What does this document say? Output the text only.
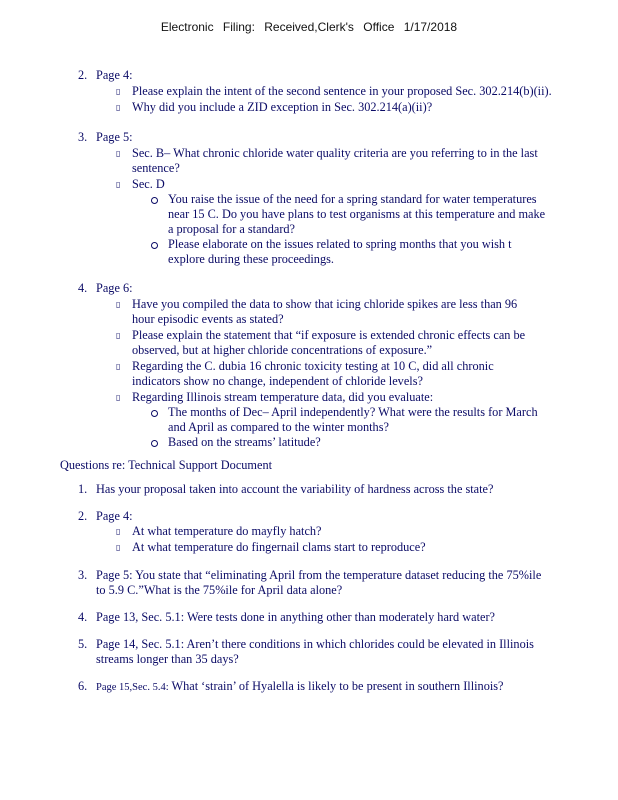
Electronic Filing: Received,Clerk's Office 1/17/2018
2. Page 4:
▯ Please explain the intent of the second sentence in your proposed Sec. 302.214(b)(ii).
▯ Why did you include a ZID exception in Sec. 302.214(a)(ii)?
3. Page 5:
▯ Sec. B– What chronic chloride water quality criteria are you referring to in the last
sentence?
▯ Sec. D
You raise the issue of the need for a spring standard for water temperatures
near 15 C. Do you have plans to test organisms at this temperature and make
a proposal for a standard?
Please elaborate on the issues related to spring months that you wish t
explore during these proceedings.
4. Page 6:
▯ Have you compiled the data to show that icing chloride spikes are less than 96
hour episodic events as stated?
▯ Please explain the statement that “if exposure is extended chronic effects can be
observed, but at higher chloride concentrations of exposure.”
▯ Regarding the C. dubia 16 chronic toxicity testing at 10 C, did all chronic
indicators show no change, independent of chloride levels?
▯ Regarding Illinois stream temperature data, did you evaluate:
The months of Dec– April independently? What were the results for March
and April as compared to the winter months?
Based on the streams’ latitude?
Questions re: Technical Support Document
1. Has your proposal taken into account the variability of hardness across the state?
2. Page 4:
▯ At what temperature do mayfly hatch?
▯ At what temperature do fingernail clams start to reproduce?
3. Page 5: You state that “eliminating April from the temperature dataset reducing the 75%ile
to 5.9 C.”What is the 75%ile for April data alone?
4. Page 13, Sec. 5.1: Were tests done in anything other than moderately hard water?
5. Page 14, Sec. 5.1: Aren’t there conditions in which chlorides could be elevated in Illinois
streams longer than 35 days?
6. Page 15,Sec. 5.4: What ‘strain’ of Hyalella is likely to be present in southern Illinois?
